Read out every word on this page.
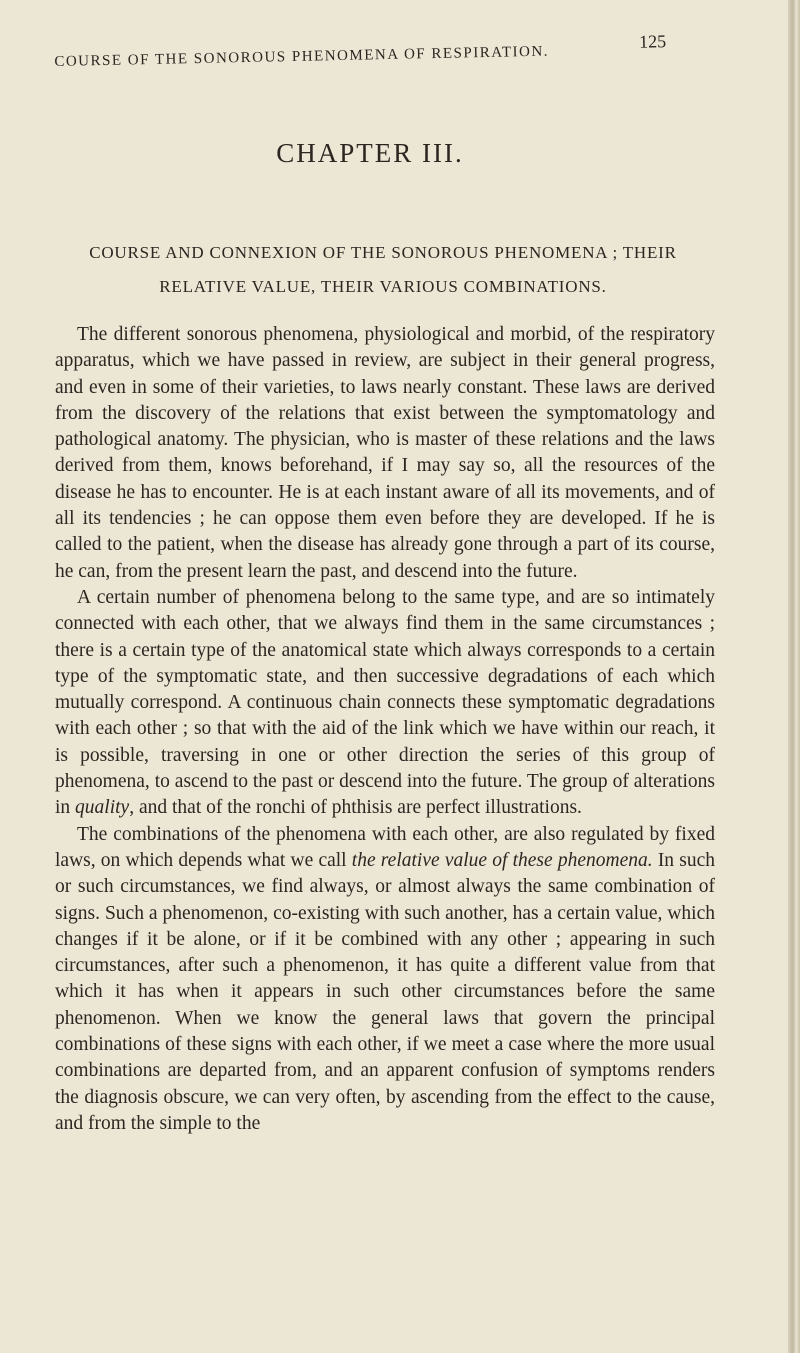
COURSE OF THE SONOROUS PHENOMENA OF RESPIRATION.
125
CHAPTER III.
COURSE AND CONNEXION OF THE SONOROUS PHENOMENA ; THEIR
RELATIVE VALUE, THEIR VARIOUS COMBINATIONS.

The different sonorous phenomena, physiological and morbid, of the respiratory apparatus, which we have passed in review, are subject in their general progress, and even in some of their varieties, to laws nearly constant. These laws are derived from the discovery of the relations that exist between the symptomatology and pathological anatomy. The physician, who is master of these relations and the laws derived from them, knows beforehand, if I may say so, all the resources of the disease he has to encounter. He is at each instant aware of all its movements, and of all its tendencies ; he can oppose them even before they are developed. If he is called to the patient, when the disease has already gone through a part of its course, he can, from the present learn the past, and descend into the future.

A certain number of phenomena belong to the same type, and are so intimately connected with each other, that we always find them in the same circumstances ; there is a certain type of the anatomical state which always corresponds to a certain type of the symptomatic state, and then successive degradations of each which mutually correspond. A continuous chain connects these symptomatic degradations with each other ; so that with the aid of the link which we have within our reach, it is possible, traversing in one or other direction the series of this group of phenomena, to ascend to the past or descend into the future. The group of alterations in quality, and that of the ronchi of phthisis are perfect illustrations.

The combinations of the phenomena with each other, are also regulated by fixed laws, on which depends what we call the relative value of these phenomena. In such or such circumstances, we find always, or almost always the same combination of signs. Such a phenomenon, co-existing with such another, has a certain value, which changes if it be alone, or if it be combined with any other ; appearing in such circumstances, after such a phenomenon, it has quite a different value from that which it has when it appears in such other circumstances before the same phenomenon. When we know the general laws that govern the principal combinations of these signs with each other, if we meet a case where the more usual combinations are departed from, and an apparent confusion of symptoms renders the diagnosis obscure, we can very often, by ascending from the effect to the cause, and from the simple to the
